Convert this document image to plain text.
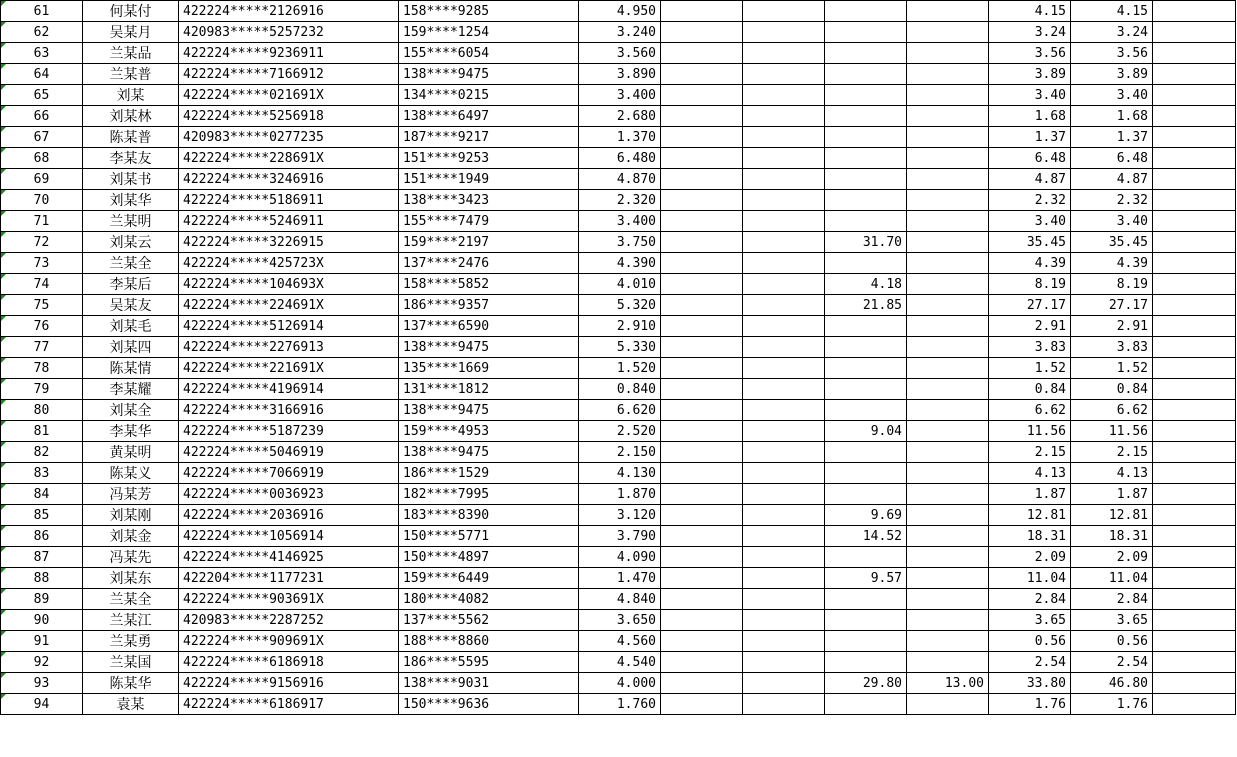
61	何某付	422224*****2126916	158****9285	4.950					4.15	4.15	
62	吴某月	420983*****5257232	159****1254	3.240					3.24	3.24	
63	兰某品	422224*****9236911	155****6054	3.560					3.56	3.56	
64	兰某普	422224*****7166912	138****9475	3.890					3.89	3.89	
65	刘某	422224*****021691X	134****0215	3.400					3.40	3.40	
66	刘某林	422224*****5256918	138****6497	2.680					1.68	1.68	
67	陈某普	420983*****0277235	187****9217	1.370					1.37	1.37	
68	李某友	422224*****228691X	151****9253	6.480					6.48	6.48	
69	刘某书	422224*****3246916	151****1949	4.870					4.87	4.87	
70	刘某华	422224*****5186911	138****3423	2.320					2.32	2.32	
71	兰某明	422224*****5246911	155****7479	3.400					3.40	3.40	
72	刘某云	422224*****3226915	159****2197	3.750			31.70		35.45	35.45	
73	兰某全	422224*****425723X	137****2476	4.390					4.39	4.39	
74	李某后	422224*****104693X	158****5852	4.010			4.18		8.19	8.19	
75	吴某友	422224*****224691X	186****9357	5.320			21.85		27.17	27.17	
76	刘某毛	422224*****5126914	137****6590	2.910					2.91	2.91	
77	刘某四	422224*****2276913	138****9475	5.330					3.83	3.83	
78	陈某情	422224*****221691X	135****1669	1.520					1.52	1.52	
79	李某耀	422224*****4196914	131****1812	0.840					0.84	0.84	
80	刘某全	422224*****3166916	138****9475	6.620					6.62	6.62	
81	李某华	422224*****5187239	159****4953	2.520			9.04		11.56	11.56	
82	黄某明	422224*****5046919	138****9475	2.150					2.15	2.15	
83	陈某义	422224*****7066919	186****1529	4.130					4.13	4.13	
84	冯某芳	422224*****0036923	182****7995	1.870					1.87	1.87	
85	刘某刚	422224*****2036916	183****8390	3.120			9.69		12.81	12.81	
86	刘某金	422224*****1056914	150****5771	3.790			14.52		18.31	18.31	
87	冯某先	422224*****4146925	150****4897	4.090					2.09	2.09	
88	刘某东	422204*****1177231	159****6449	1.470			9.57		11.04	11.04	
89	兰某全	422224*****903691X	180****4082	4.840					2.84	2.84	
90	兰某江	420983*****2287252	137****5562	3.650					3.65	3.65	
91	兰某勇	422224*****909691X	188****8860	4.560					0.56	0.56	
92	兰某国	422224*****6186918	186****5595	4.540					2.54	2.54	
93	陈某华	422224*****9156916	138****9031	4.000			29.80	13.00	33.80	46.80	
94	袁某	422224*****6186917	150****9636	1.760					1.76	1.76	
